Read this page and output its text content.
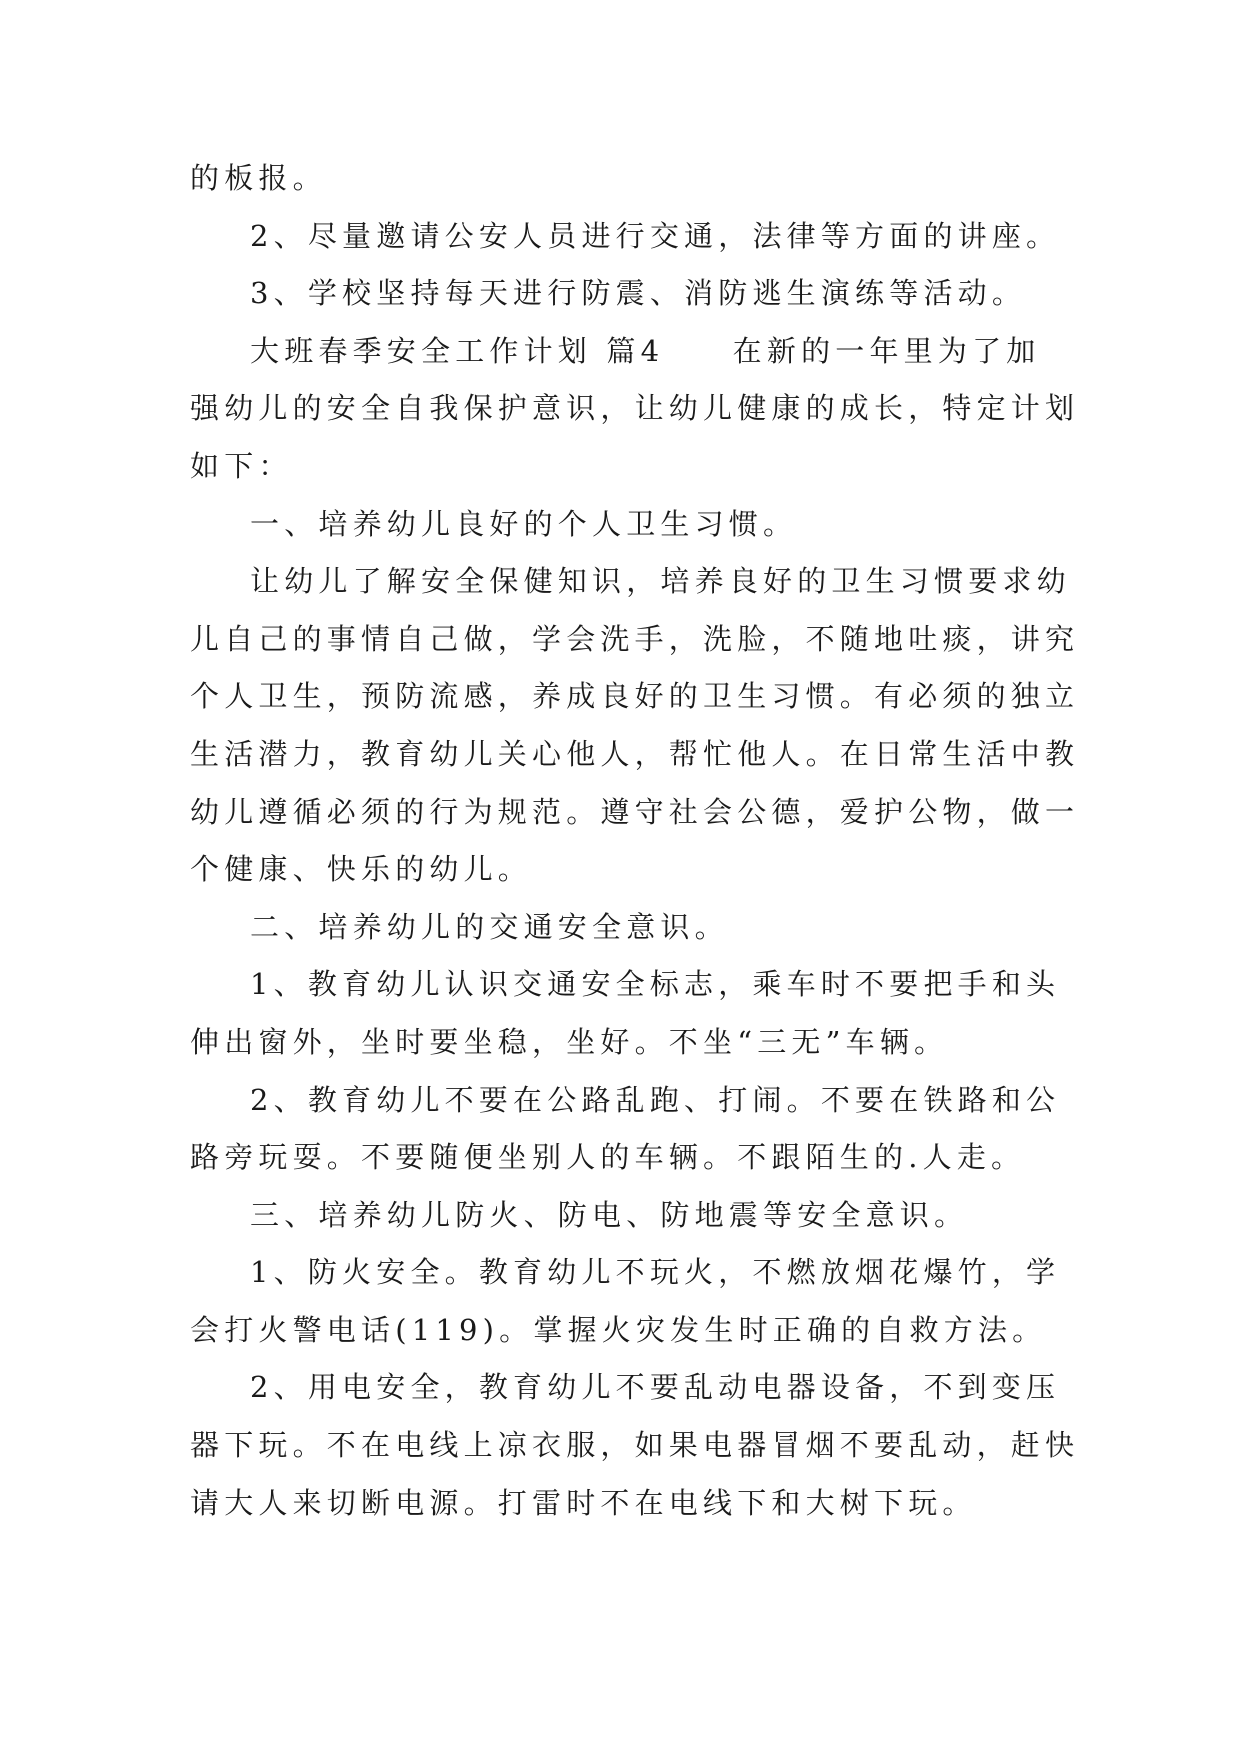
的板报。
2、尽量邀请公安人员进行交通，法律等方面的讲座。
3、学校坚持每天进行防震、消防逃生演练等活动。
大班春季安全工作计划 篇4　　在新的一年里为了加
强幼儿的安全自我保护意识，让幼儿健康的成长，特定计划
如下：
一、培养幼儿良好的个人卫生习惯。
让幼儿了解安全保健知识，培养良好的卫生习惯要求幼
儿自己的事情自己做，学会洗手，洗脸，不随地吐痰，讲究
个人卫生，预防流感，养成良好的卫生习惯。有必须的独立
生活潜力，教育幼儿关心他人，帮忙他人。在日常生活中教
幼儿遵循必须的行为规范。遵守社会公德，爱护公物，做一
个健康、快乐的幼儿。
二、培养幼儿的交通安全意识。
1、教育幼儿认识交通安全标志，乘车时不要把手和头
伸出窗外，坐时要坐稳，坐好。不坐“三无”车辆。
2、教育幼儿不要在公路乱跑、打闹。不要在铁路和公
路旁玩耍。不要随便坐别人的车辆。不跟陌生的.人走。
三、培养幼儿防火、防电、防地震等安全意识。
1、防火安全。教育幼儿不玩火，不燃放烟花爆竹，学
会打火警电话(119)。掌握火灾发生时正确的自救方法。
2、用电安全，教育幼儿不要乱动电器设备，不到变压
器下玩。不在电线上凉衣服，如果电器冒烟不要乱动，赶快
请大人来切断电源。打雷时不在电线下和大树下玩。
